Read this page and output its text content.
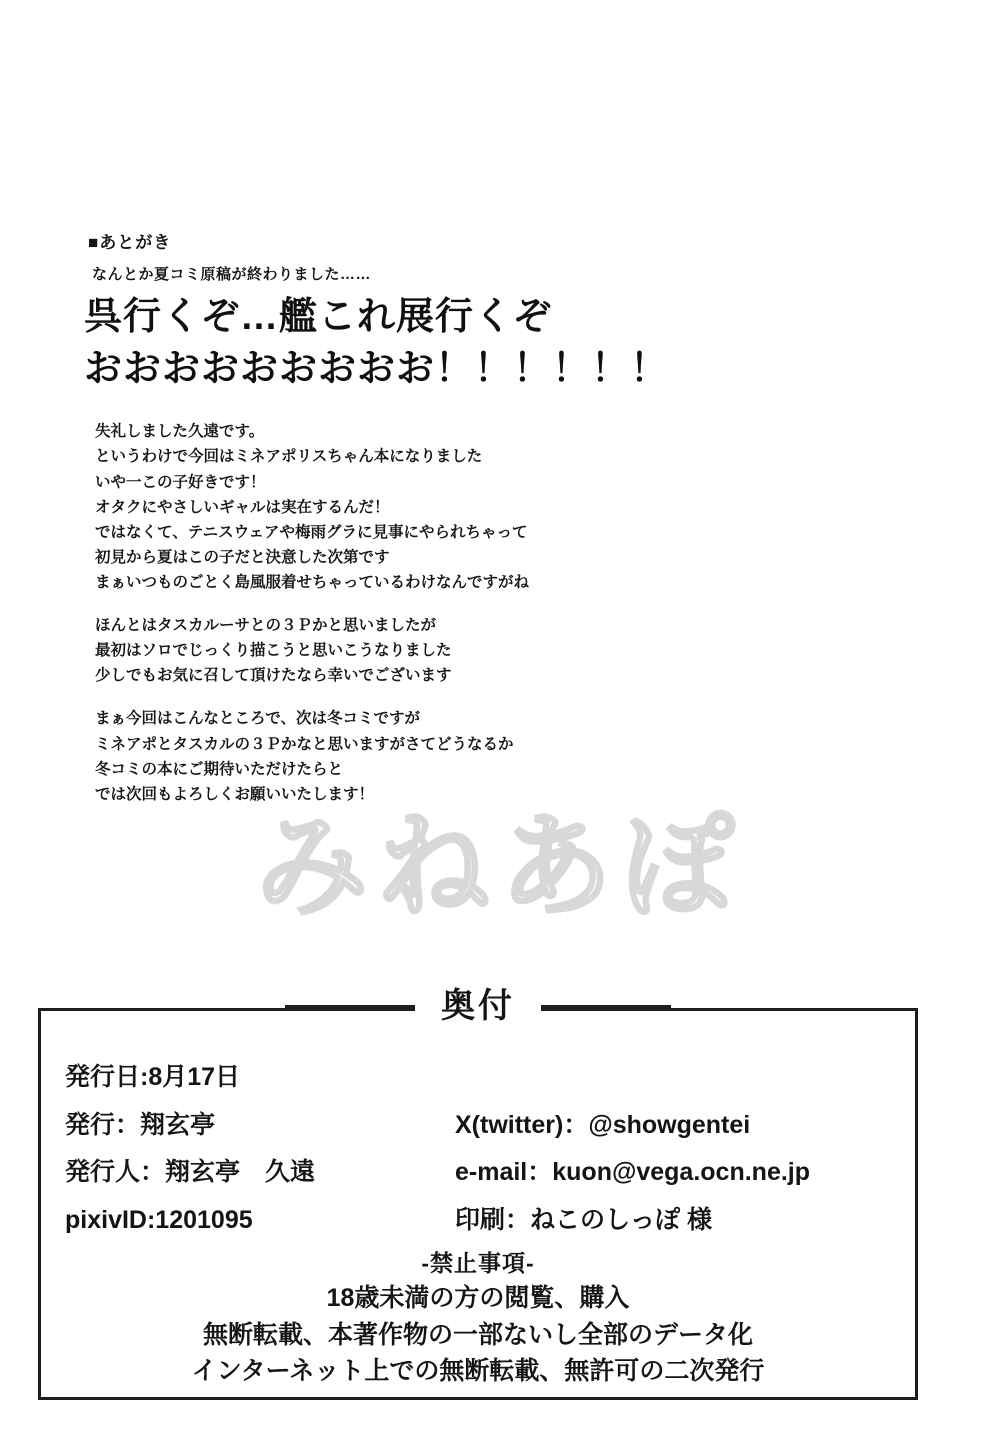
■あとがき
なんとか夏コミ原稿が終わりました……
呉行くぞ…艦これ展行くぞ
おおおおおおおおお！！！！！！

失礼しました久遠です。
というわけで今回はミネアポリスちゃん本になりました
いや一この子好きです！
オタクにやさしいギャルは実在するんだ！
ではなくて、テニスウェアや梅雨グラに見事にやられちゃって
初見から夏はこの子だと決意した次第です
まぁいつものごとく島風服着せちゃっているわけなんですがね

ほんとはタスカルーサとの３Ｐかと思いましたが
最初はソロでじっくり描こうと思いこうなりました
少しでもお気に召して頂けたなら幸いでございます

まぁ今回はこんなところで、次は冬コミですが
ミネアポとタスカルの３Ｐかなと思いますがさてどうなるか
冬コミの本にご期待いただけたらと
では次回もよろしくお願いいたします！

みねあぽ
奥付
発行日:8月17日
発行：翔玄亭	X(twitter)：@showgentei
発行人：翔玄亭　久遠	e-mail：kuon@vega.ocn.ne.jp
pixivID:1201095	印刷：ねこのしっぽ 様
-禁止事項-
18歳未満の方の閲覧、購入
無断転載、本著作物の一部ないし全部のデータ化
インターネット上での無断転載、無許可の二次発行
